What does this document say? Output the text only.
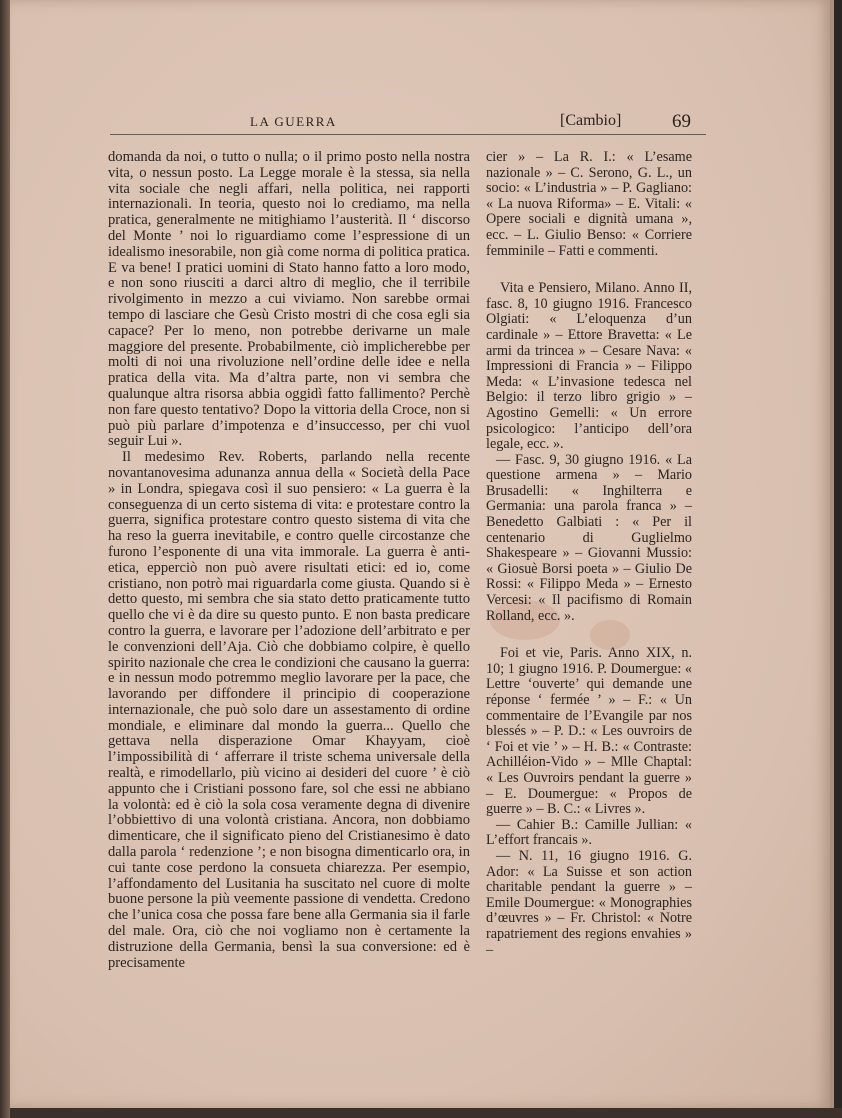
LA GUERRA	[Cambio]	69

domanda da noi, o tutto o nulla; o il primo posto nella nostra vita, o nessun posto. La Legge morale è la stessa, sia nella vita sociale che negli affari, nella politica, nei rapporti internazionali. In teoria, questo noi lo crediamo, ma nella pratica, generalmente ne mitighiamo l’austerità. Il ‘ discorso del Monte ’ noi lo riguardiamo come l’espressione di un idealismo inesorabile, non già come norma di politica pratica. E va bene! I pratici uomini di Stato hanno fatto a loro modo, e non sono riusciti a darci altro di meglio, che il terribile rivolgimento in mezzo a cui viviamo. Non sarebbe ormai tempo di lasciare che Gesù Cristo mostri di che cosa egli sia capace? Per lo meno, non potrebbe derivarne un male maggiore del presente. Probabilmente, ciò implicherebbe per molti di noi una rivoluzione nell’ordine delle idee e nella pratica della vita. Ma d’altra parte, non vi sembra che qualunque altra risorsa abbia oggidì fatto fallimento? Perchè non fare questo tentativo? Dopo la vittoria della Croce, non si può più parlare d’impotenza e d’insuccesso, per chi vuol seguir Lui ».

Il medesimo Rev. Roberts, parlando nella recente novantanovesima adunanza annua della « Società della Pace » in Londra, spiegava così il suo pensiero: « La guerra è la conseguenza di un certo sistema di vita: e protestare contro la guerra, significa protestare contro questo sistema di vita che ha reso la guerra inevitabile, e contro quelle circostanze che furono l’esponente di una vita immorale. La guerra è anti-etica, epperciò non può avere risultati etici: ed io, come cristiano, non potrò mai riguardarla come giusta. Quando si è detto questo, mi sembra che sia stato detto praticamente tutto quello che vi è da dire su questo punto. E non basta predicare contro la guerra, e lavorare per l’adozione dell’arbitrato e per le convenzioni dell’Aja. Ciò che dobbiamo colpire, è quello spirito nazionale che crea le condizioni che causano la guerra: e in nessun modo potremmo meglio lavorare per la pace, che lavorando per diffondere il principio di cooperazione internazionale, che può solo dare un assestamento di ordine mondiale, e eliminare dal mondo la guerra... Quello che gettava nella disperazione Omar Khayyam, cioè l’impossibilità di ‘ afferrare il triste schema universale della realtà, e rimodellarlo, più vicino ai desideri del cuore ’ è ciò appunto che i Cristiani possono fare, sol che essi ne abbiano la volontà: ed è ciò la sola cosa veramente degna di divenire l’obbiettivo di una volontà cristiana. Ancora, non dobbiamo dimenticare, che il significato pieno del Cristianesimo è dato dalla parola ‘ redenzione ’; e non bisogna dimenticarlo ora, in cui tante cose perdono la consueta chiarezza. Per esempio, l’affondamento del Lusitania ha suscitato nel cuore di molte buone persone la più veemente passione di vendetta. Credono che l’unica cosa che possa fare bene alla Germania sia il farle del male. Ora, ciò che noi vogliamo non è certamente la distruzione della Germania, bensì la sua conversione: ed è precisamente

cier » – La R. I.: « L’esame nazionale » – C. Serono, G. L., un socio: « L’industria » – P. Gagliano: « La nuova Riforma» – E. Vitali: « Opere sociali e dignità umana », ecc. – L. Giulio Benso: « Corriere femminile – Fatti e commenti.

Vita e Pensiero, Milano. Anno II, fasc. 8, 10 giugno 1916. Francesco Olgiati: « L’eloquenza d’un cardinale » – Ettore Bravetta: « Le armi da trincea » – Cesare Nava: « Impressioni di Francia » – Filippo Meda: « L’invasione tedesca nel Belgio: il terzo libro grigio » – Agostino Gemelli: « Un errore psicologico: l’anticipo dell’ora legale, ecc. ».

— Fasc. 9, 30 giugno 1916. « La questione armena » – Mario Brusadelli: « Inghilterra e Germania: una parola franca » – Benedetto Galbiati : « Per il centenario di Guglielmo Shakespeare » – Giovanni Mussio: « Giosuè Borsi poeta » – Giulio De Rossi: « Filippo Meda » – Ernesto Vercesi: « Il pacifismo di Romain Rolland, ecc. ».

Foi et vie, Paris. Anno XIX, n. 10; 1 giugno 1916. P. Doumergue: « Lettre ‘ouverte’ qui demande une réponse ‘ fermée ’ » – F.: « Un commentaire de l’Evangile par nos blessés » – P. D.: « Les ouvroirs de ‘ Foi et vie ’ » – H. B.: « Contraste: Achilléion-Vido » – Mlle Chaptal: « Les Ouvroirs pendant la guerre » – E. Doumergue: « Propos de guerre » – B. C.: « Livres ».

— Cahier B.: Camille Jullian: « L’effort francais ».

— N. 11, 16 giugno 1916. G. Ador: « La Suisse et son action charitable pendant la guerre » – Emile Doumergue: « Monographies d’œuvres » – Fr. Christol: « Notre rapatriement des regions envahies » –
